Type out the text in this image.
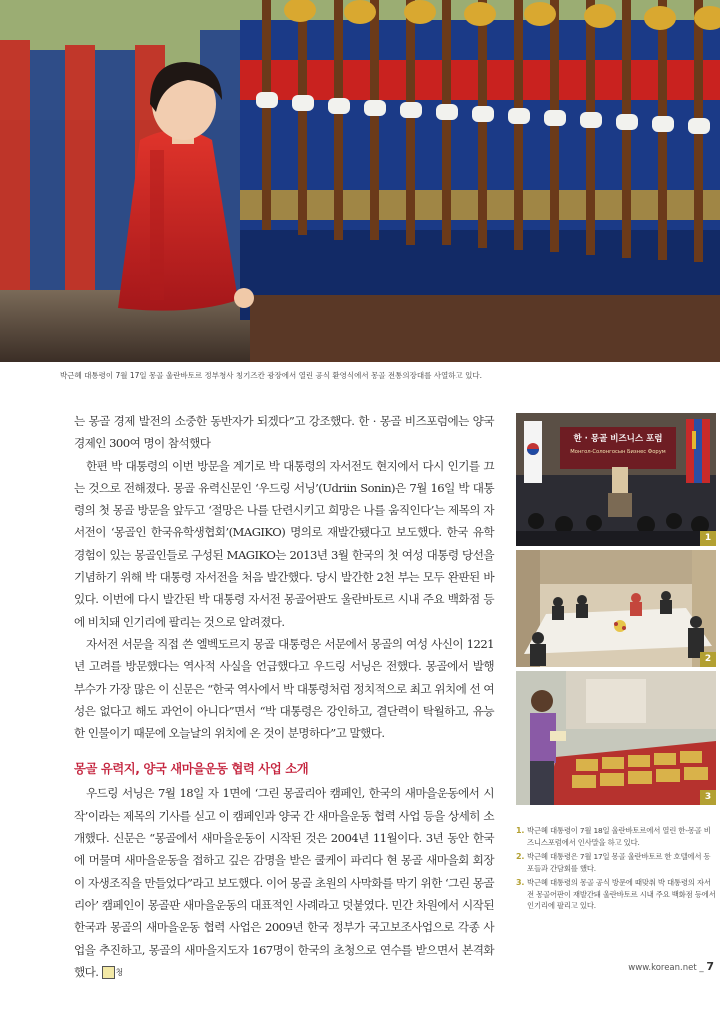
박근혜 대통령이 7월 17일 몽골 울란바토르 정부청사 칭기즈칸 광장에서 열린 공식 환영식에서 몽골 전통의장대를 사열하고 있다.

는 몽골 경제 발전의 소중한 동반자가 되겠다”고 강조했다. 한 · 몽골 비즈포럼에는 양국 경제인 300여 명이 참석했다

한편 박 대통령의 이번 방문을 계기로 박 대통령의 자서전도 현지에서 다시 인기를 끄는 것으로 전해졌다. 몽골 유력신문인 ‘우드링 서닝’(Udriin Sonin)은 7월 16일 박 대통령의 첫 몽골 방문을 앞두고 ‘절망은 나를 단련시키고 희망은 나를 움직인다’는 제목의 자서전이 ‘몽골인 한국유학생협회’(MAGIKO) 명의로 재발간됐다고 보도했다. 한국 유학 경험이 있는 몽골인들로 구성된 MAGIKO는 2013년 3월 한국의 첫 여성 대통령 당선을 기념하기 위해 박 대통령 자서전을 처음 발간했다. 당시 발간한 2천 부는 모두 완판된 바 있다. 이번에 다시 발간된 박 대통령 자서전 몽골어판도 울란바토르 시내 주요 백화점 등에 비치돼 인기리에 팔리는 것으로 알려졌다.

자서전 서문을 직접 쓴 엘벡도르지 몽골 대통령은 서문에서 몽골의 여성 사신이 1221년 고려를 방문했다는 역사적 사실을 언급했다고 우드링 서닝은 전했다. 몽골에서 발행 부수가 가장 많은 이 신문은 “한국 역사에서 박 대통령처럼 정치적으로 최고 위치에 선 여성은 없다고 해도 과언이 아니다”면서 “박 대통령은 강인하고, 결단력이 탁월하고, 유능한 인물이기 때문에 오늘날의 위치에 온 것이 분명하다”고 말했다.

몽골 유력지, 양국 새마을운동 협력 사업 소개

우드링 서닝은 7월 18일 자 1면에 ‘그린 몽골리아 캠페인, 한국의 새마을운동에서 시작’이라는 제목의 기사를 싣고 이 캠페인과 양국 간 새마을운동 협력 사업 등을 상세히 소개했다. 신문은 “몽골에서 새마을운동이 시작된 것은 2004년 11월이다. 3년 동안 한국에 머물며 새마을운동을 접하고 깊은 감명을 받은 쿨케이 파리다 현 몽골 새마을회 회장이 자생조직을 만들었다”라고 보도했다. 이어 몽골 초원의 사막화를 막기 위한 ‘그린 몽골리아’ 캠페인이 몽골판 새마을운동의 대표적인 사례라고 덧붙였다. 민간 차원에서 시작된 한국과 몽골의 새마을운동 협력 사업은 2009년 한국 정부가 국고보조사업으로 각종 사업을 추진하고, 몽골의 새마을지도자 167명이 한국의 초청으로 연수를 받으면서 본격화했다. 청

한 · 몽골 비즈니스 포럼
Монгол-Солонгосын Бизнес Форум
1
2
3
1. 박근혜 대통령이 7월 18일 울란바토르에서 열린 한-몽골 비즈니스포럼에서 인사말을 하고 있다.
2. 박근혜 대통령은 7월 17일 몽골 울란바토르 한 호텔에서 동포들과 간담회를 했다.
3. 박근혜 대통령의 몽골 공식 방문에 때맞춰 박 대통령의 자서전 몽골어판이 재발간돼 울란바토르 시내 주요 백화점 등에서 인기리에 팔리고 있다.
www.korean.net _ 7
